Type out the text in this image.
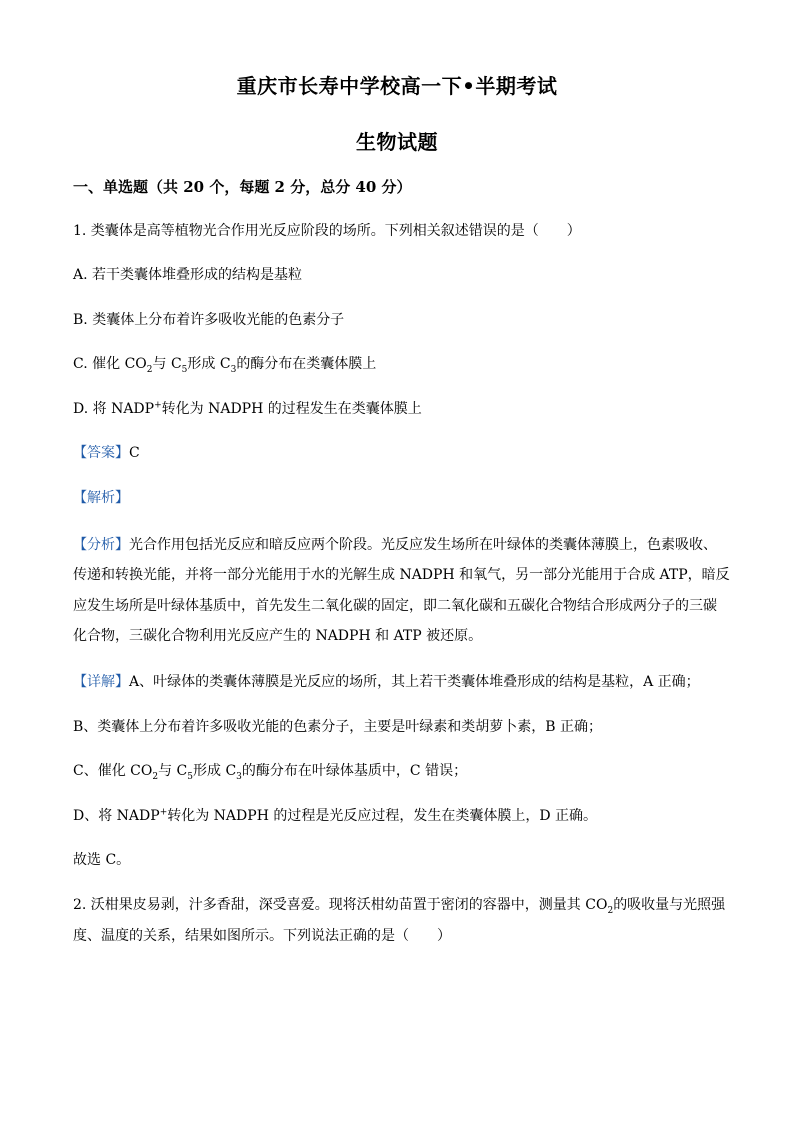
重庆市长寿中学校高一下•半期考试
生物试题
一、单选题（共 20 个，每题 2 分，总分 40 分）
1. 类囊体是高等植物光合作用光反应阶段的场所。下列相关叙述错误的是（　　）
A. 若干类囊体堆叠形成的结构是基粒
B. 类囊体上分布着许多吸收光能的色素分子
C. 催化 $CO_2$与 $C_5$形成 $C_3$的酶分布在类囊体膜上
D. 将 NADP+转化为 NADPH 的过程发生在类囊体膜上
【答案】C
【解析】
【分析】光合作用包括光反应和暗反应两个阶段。光反应发生场所在叶绿体的类囊体薄膜上，色素吸收、
传递和转换光能，并将一部分光能用于水的光解生成 NADPH 和氧气，另一部分光能用于合成 ATP，暗反
应发生场所是叶绿体基质中，首先发生二氧化碳的固定，即二氧化碳和五碳化合物结合形成两分子的三碳
化合物，三碳化合物利用光反应产生的 NADPH 和 ATP 被还原。
【详解】A、叶绿体的类囊体薄膜是光反应的场所，其上若干类囊体堆叠形成的结构是基粒，A 正确；
B、类囊体上分布着许多吸收光能的色素分子，主要是叶绿素和类胡萝卜素，B 正确；
C、催化 $CO_2$与 $C_5$形成 $C_3$的酶分布在叶绿体基质中，C 错误；
D、将 NADP+转化为 NADPH 的过程是光反应过程，发生在类囊体膜上，D 正确。
故选 C。
2. 沃柑果皮易剥，汁多香甜，深受喜爱。现将沃柑幼苗置于密闭的容器中，测量其 $CO_2$的吸收量与光照强
度、温度的关系，结果如图所示。下列说法正确的是（　　）
